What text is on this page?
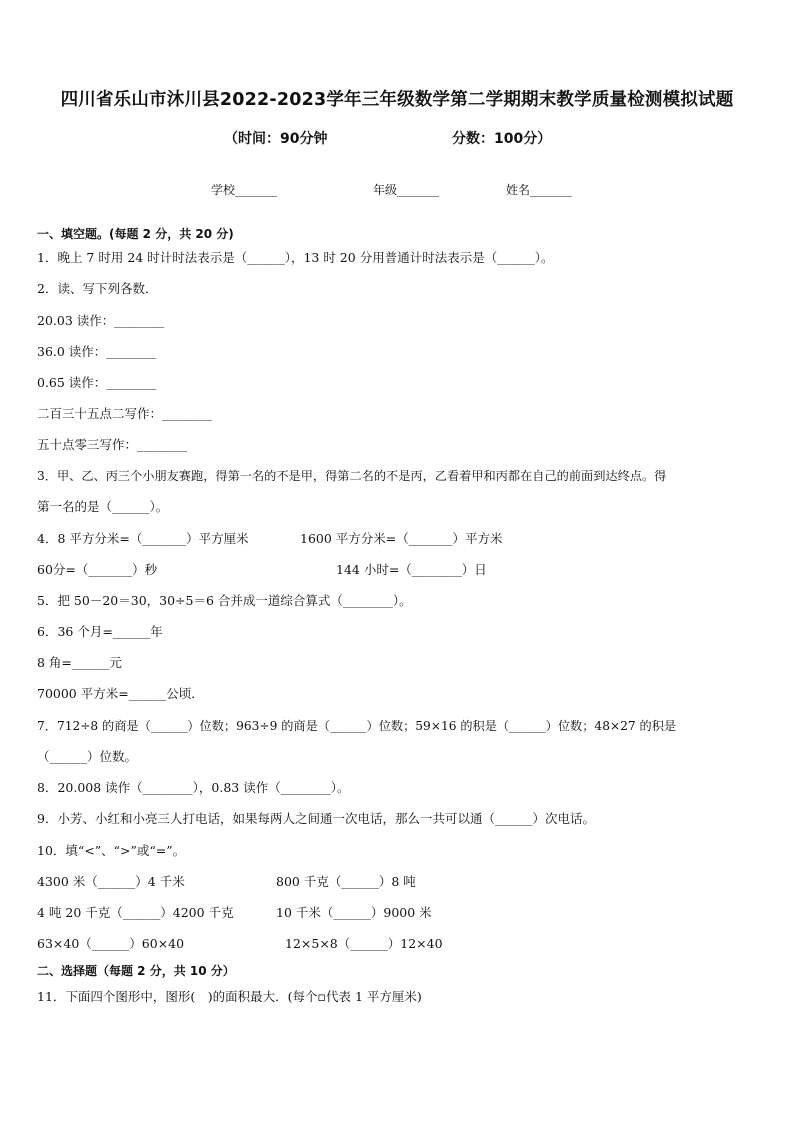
四川省乐山市沐川县2022-2023学年三年级数学第二学期期末教学质量检测模拟试题
（时间：90分钟	分数：100分）
学校_______	年级_______	姓名_______
一、填空题。(每题 2 分，共 20 分)
1．晚上 7 时用 24 时计时法表示是（______），13 时 20 分用普通计时法表示是（______）。
2．读、写下列各数．
20.03 读作：________
36.0 读作：________
0.65 读作：________
二百三十五点二写作：________
五十点零三写作：________
3．甲、乙、丙三个小朋友赛跑，得第一名的不是甲，得第二名的不是丙，乙看着甲和丙都在自己的前面到达终点。得
第一名的是（______）。
4．8 平方分米=（_______）平方厘米	1600 平方分米=（_______）平方米
60分=（_______）秒	144 小时=（________）日
5．把 50－20＝30，30÷5＝6 合并成一道综合算式（________）。
6．36 个月=______年
8 角=______元
70000 平方米=______公顷．
7．712÷8 的商是（______）位数；963÷9 的商是（______）位数；59×16 的积是（______）位数；48×27 的积是
（______）位数。
8．20.008 读作（________），0.83 读作（________）。
9．小芳、小红和小亮三人打电话，如果每两人之间通一次电话，那么一共可以通（______）次电话。
10．填“<”、“>”或“=”。
4300 米（______）4 千米	800 千克（______）8 吨
4 吨 20 千克（______）4200 千克	10 千米（______）9000 米
63×40（______）60×40	12×5×8（______）12×40
二、选择题（每题 2 分，共 10 分）
11．下面四个图形中，图形(　)的面积最大．(每个▫代表 1 平方厘米)
